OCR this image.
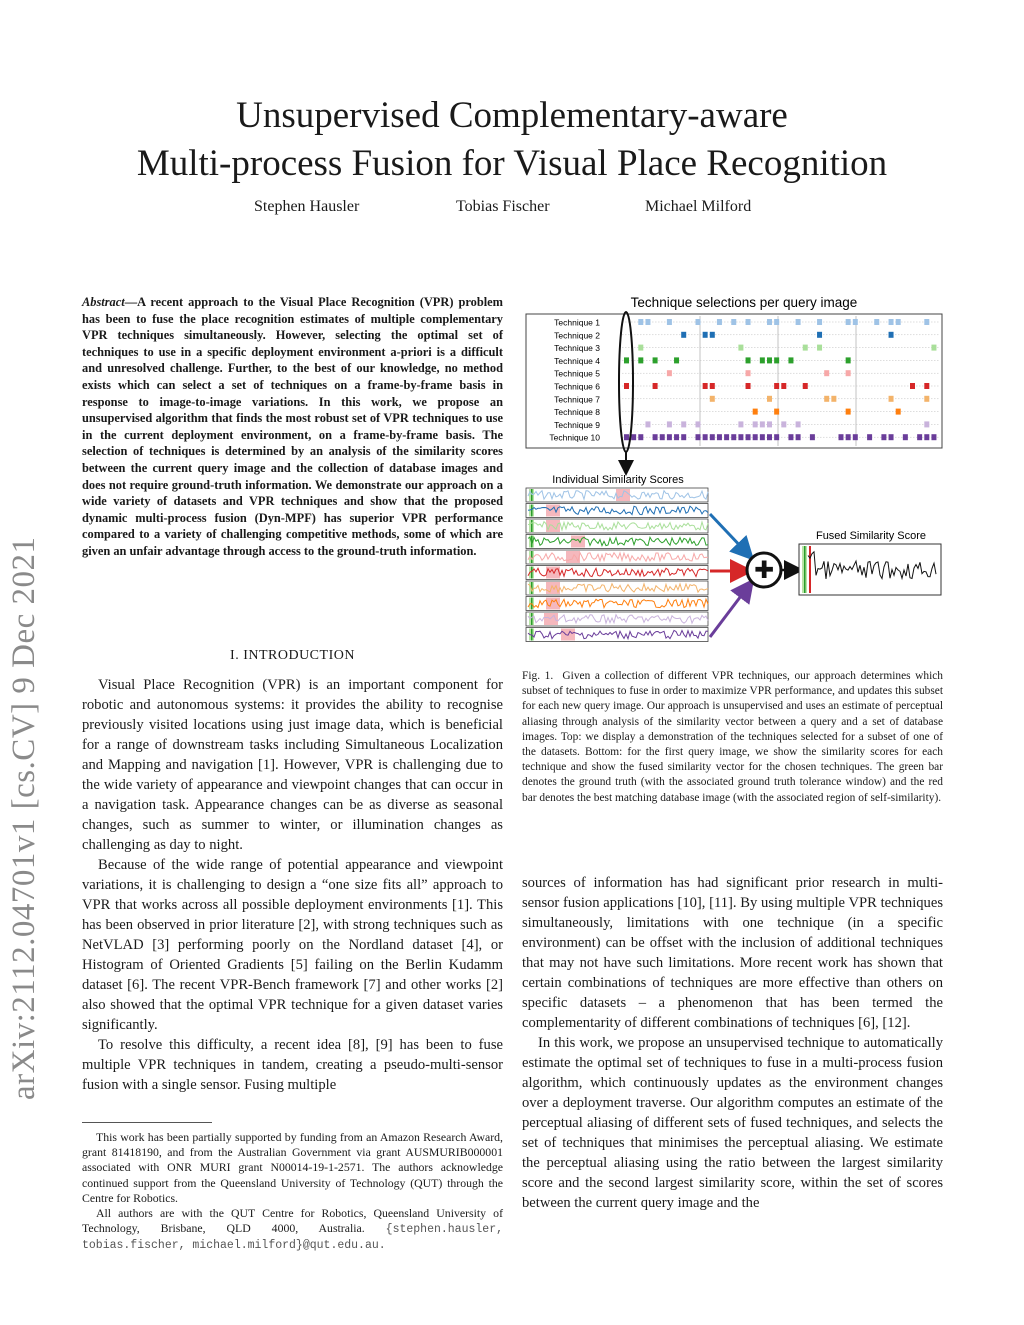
Unsupervised Complementary-aware
Multi-process Fusion for Visual Place Recognition
Stephen Hausler	Tobias Fischer	Michael Milford
arXiv:2112.04701v1 [cs.CV] 9 Dec 2021
Abstract—A recent approach to the Visual Place Recognition (VPR) problem has been to fuse the place recognition estimates of multiple complementary VPR techniques simultaneously. However, selecting the optimal set of techniques to use in a specific deployment environment a-priori is a difficult and unresolved challenge. Further, to the best of our knowledge, no method exists which can select a set of techniques on a frame-by-frame basis in response to image-to-image variations. In this work, we propose an unsupervised algorithm that finds the most robust set of VPR techniques to use in the current deployment environment, on a frame-by-frame basis. The selection of techniques is determined by an analysis of the similarity scores between the current query image and the collection of database images and does not require ground-truth information. We demonstrate our approach on a wide variety of datasets and VPR techniques and show that the proposed dynamic multi-process fusion (Dyn-MPF) has superior VPR performance compared to a variety of challenging competitive methods, some of which are given an unfair advantage through access to the ground-truth information.
I. INTRODUCTION

Visual Place Recognition (VPR) is an important component for robotic and autonomous systems: it provides the ability to recognise previously visited locations using just image data, which is beneficial for a range of downstream tasks including Simultaneous Localization and Mapping and navigation [1]. However, VPR is challenging due to the wide variety of appearance and viewpoint changes that can occur in a navigation task. Appearance changes can be as diverse as seasonal changes, such as summer to winter, or illumination changes as challenging as day to night.

Because of the wide range of potential appearance and viewpoint variations, it is challenging to design a “one size fits all” approach to VPR that works across all possible deployment environments [1]. This has been observed in prior literature [2], with strong techniques such as NetVLAD [3] performing poorly on the Nordland dataset [4], or Histogram of Oriented Gradients [5] failing on the Berlin Kudamm dataset [6]. The recent VPR-Bench framework [7] and other works [2] also showed that the optimal VPR technique for a given dataset varies significantly.

To resolve this difficulty, a recent idea [8], [9] has been to fuse multiple VPR techniques in tandem, creating a pseudo-multi-sensor fusion with a single sensor. Fusing multiple

This work has been partially supported by funding from an Amazon Research Award, grant 81418190, and from the Australian Government via grant AUSMURIB000001 associated with ONR MURI grant N00014-19-1-2571. The authors acknowledge continued support from the Queensland University of Technology (QUT) through the Centre for Robotics.

All authors are with the QUT Centre for Robotics, Queensland University of Technology, Brisbane, QLD 4000, Australia. {stephen.hausler, tobias.fischer, michael.milford}@qut.edu.au.

Technique selections per query image
Technique 1
Technique 2
Technique 3
Technique 4
Technique 5
Technique 6
Technique 7
Technique 8
Technique 9
Technique 10
Individual Similarity Scores
✚
Fused Similarity Score
Fig. 1. Given a collection of different VPR techniques, our approach determines which subset of techniques to fuse in order to maximize VPR performance, and updates this subset for each new query image. Our approach is unsupervised and uses an estimate of perceptual aliasing through analysis of the similarity vector between a query and a set of database images. Top: we display a demonstration of the techniques selected for a subset of one of the datasets. Bottom: for the first query image, we show the similarity scores for each technique and show the fused similarity vector for the chosen techniques. The green bar denotes the ground truth (with the associated ground truth tolerance window) and the red bar denotes the best matching database image (with the associated region of self-similarity).

sources of information has had significant prior research in multi-sensor fusion applications [10], [11]. By using multiple VPR techniques simultaneously, limitations with one technique (in a specific environment) can be offset with the inclusion of additional techniques that may not have such limitations. More recent work has shown that certain combinations of techniques are more effective than others on specific datasets – a phenomenon that has been termed the complementarity of different combinations of techniques [6], [12].

In this work, we propose an unsupervised technique to automatically estimate the optimal set of techniques to fuse in a multi-process fusion algorithm, which continuously updates as the environment changes over a deployment traverse. Our algorithm computes an estimate of the perceptual aliasing of different sets of fused techniques, and selects the set of techniques that minimises the perceptual aliasing. We estimate the perceptual aliasing using the ratio between the largest similarity score and the second largest similarity score, within the set of scores between the current query image and the
